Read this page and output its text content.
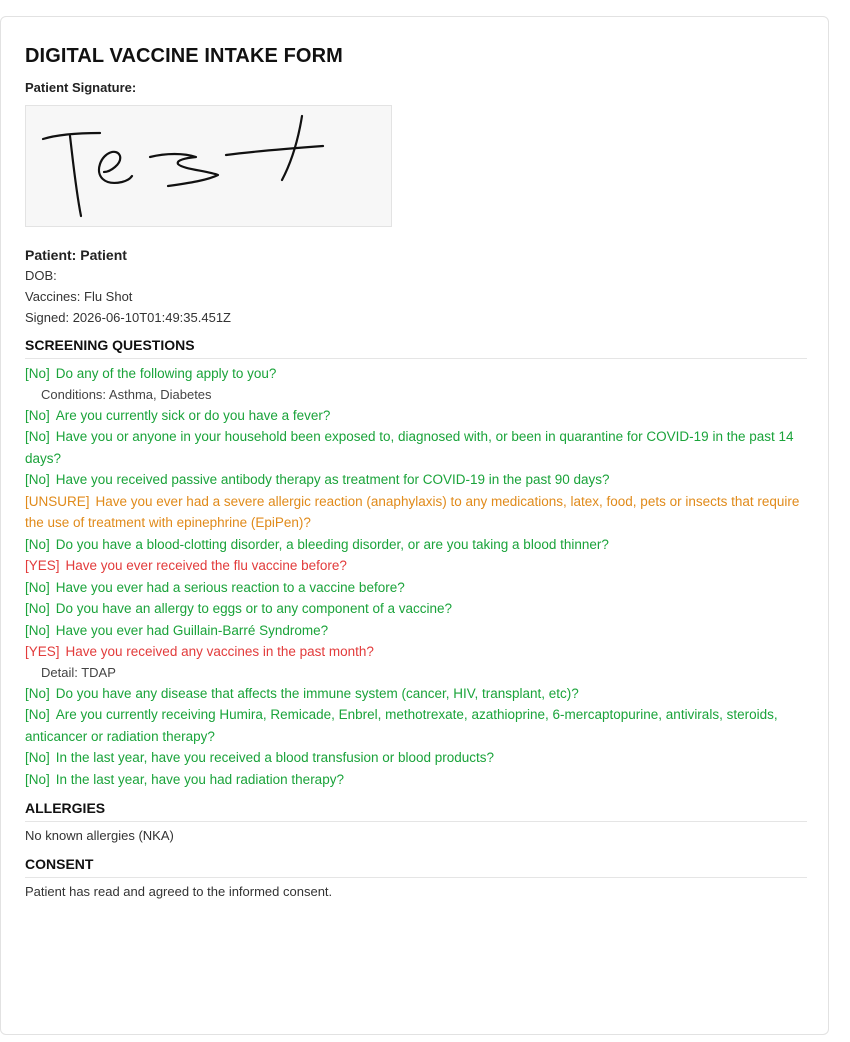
DIGITAL VACCINE INTAKE FORM
Patient Signature:
Patient: Patient
DOB:
Vaccines: Flu Shot
Signed: 2026-06-10T01:49:35.451Z
SCREENING QUESTIONS
[No] Do any of the following apply to you?
Conditions: Asthma, Diabetes
[No] Are you currently sick or do you have a fever?
[No] Have you or anyone in your household been exposed to, diagnosed with, or been in quarantine for COVID-19 in the past 14 days?
[No] Have you received passive antibody therapy as treatment for COVID-19 in the past 90 days?
[UNSURE] Have you ever had a severe allergic reaction (anaphylaxis) to any medications, latex, food, pets or insects that require the use of treatment with epinephrine (EpiPen)?
[No] Do you have a blood-clotting disorder, a bleeding disorder, or are you taking a blood thinner?
[YES] Have you ever received the flu vaccine before?
[No] Have you ever had a serious reaction to a vaccine before?
[No] Do you have an allergy to eggs or to any component of a vaccine?
[No] Have you ever had Guillain-Barré Syndrome?
[YES] Have you received any vaccines in the past month?
Detail: TDAP
[No] Do you have any disease that affects the immune system (cancer, HIV, transplant, etc)?
[No] Are you currently receiving Humira, Remicade, Enbrel, methotrexate, azathioprine, 6-mercaptopurine, antivirals, steroids, anticancer or radiation therapy?
[No] In the last year, have you received a blood transfusion or blood products?
[No] In the last year, have you had radiation therapy?
ALLERGIES
No known allergies (NKA)
CONSENT
Patient has read and agreed to the informed consent.
